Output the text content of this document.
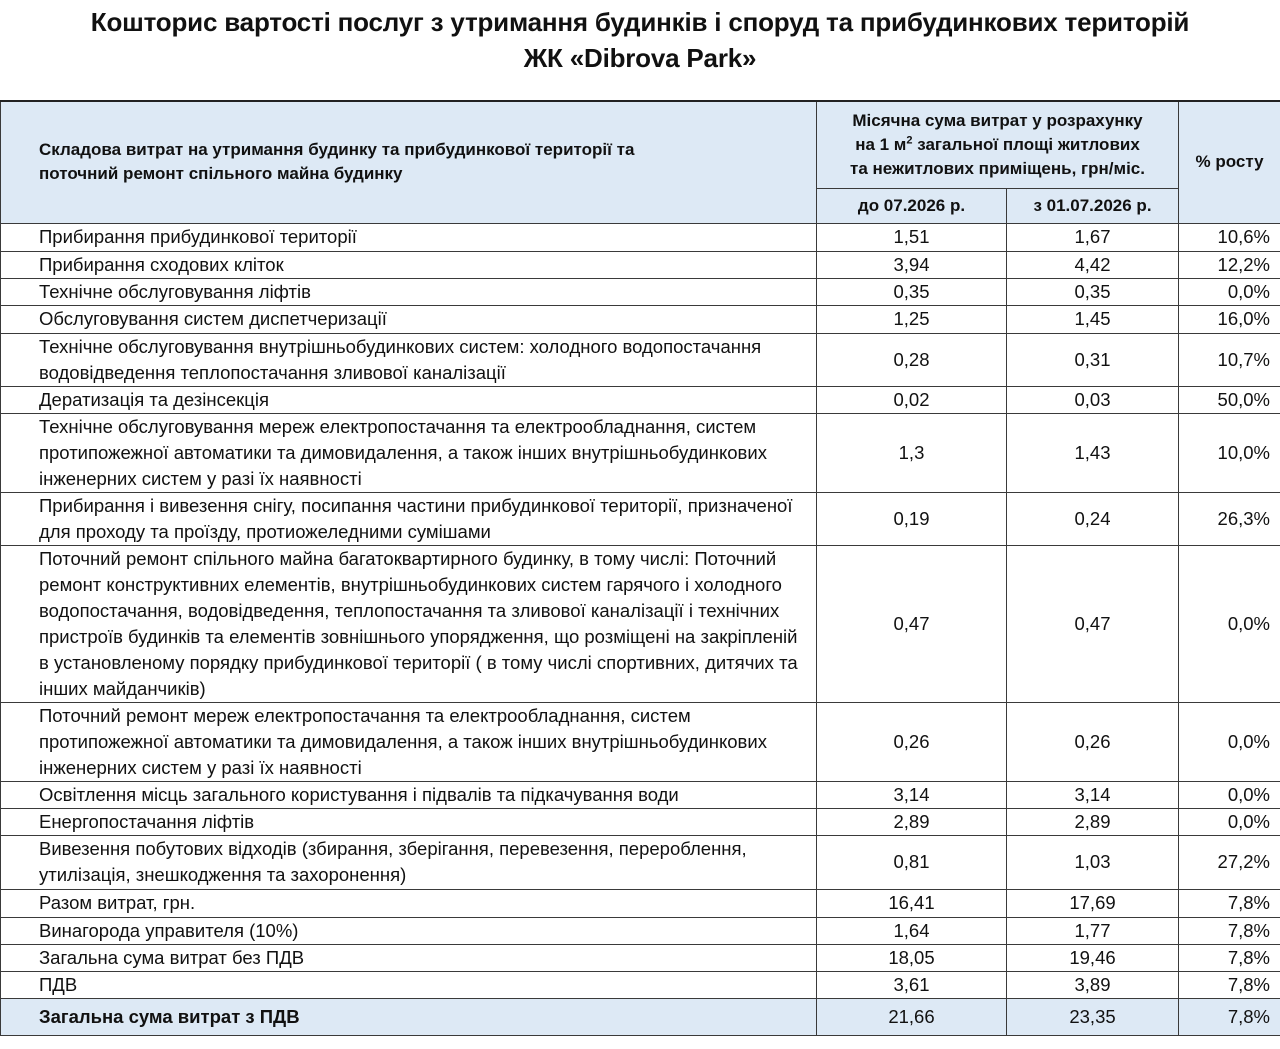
Кошторис вартості послуг з утримання будинків і споруд та прибудинкових територій
ЖК «Dibrova Park»
Складова витрат на утримання будинку та прибудинкової території та поточний ремонт спільного майна будинку	Місячна сума витрат у розрахунку
на 1 $м^2$ загальної площі житлових
та нежитлових приміщень, грн/міс.		% росту
	до 07.2026 р.	з 01.07.2026 р.	
Прибирання прибудинкової території	1,51	1,67	10,6%
Прибирання сходових кліток	3,94	4,42	12,2%
Технічне обслуговування ліфтів	0,35	0,35	0,0%
Обслуговування систем диспетчеризації	1,25	1,45	16,0%
Технічне обслуговування внутрішньобудинкових систем: холодного водопостачання водовідведення теплопостачання зливової каналізації	0,28	0,31	10,7%
Дератизація та дезінсекція	0,02	0,03	50,0%
Технічне обслуговування мереж електропостачання та електрообладнання, систем протипожежної автоматики та димовидалення, а також інших внутрішньобудинкових інженерних систем у разі їх наявності	1,3	1,43	10,0%
Прибирання і вивезення снігу, посипання частини прибудинкової території, призначеної для проходу та проїзду, протиожеледними сумішами	0,19	0,24	26,3%
Поточний ремонт спільного майна багатоквартирного будинку, в тому числі: Поточний ремонт конструктивних елементів, внутрішньобудинкових систем гарячого і холодного водопостачання, водовідведення, теплопостачання та зливової каналізації і технічних пристроїв будинків та елементів зовнішнього упорядження, що розміщені на закріпленій в установленому порядку прибудинкової території ( в тому числі спортивних, дитячих та інших майданчиків)	0,47	0,47	0,0%
Поточний ремонт мереж електропостачання та електрообладнання, систем протипожежної автоматики та димовидалення, а також інших внутрішньобудинкових інженерних систем у разі їх наявності	0,26	0,26	0,0%
Освітлення місць загального користування і підвалів та підкачування води	3,14	3,14	0,0%
Енергопостачання ліфтів	2,89	2,89	0,0%
Вивезення побутових відходів (збирання, зберігання, перевезення, перероблення, утилізація, знешкодження та захоронення)	0,81	1,03	27,2%
Разом витрат, грн.	16,41	17,69	7,8%
Винагорода управителя (10%)	1,64	1,77	7,8%
Загальна сума витрат без ПДВ	18,05	19,46	7,8%
ПДВ	3,61	3,89	7,8%
Загальна сума витрат з ПДВ	21,66	23,35	7,8%
